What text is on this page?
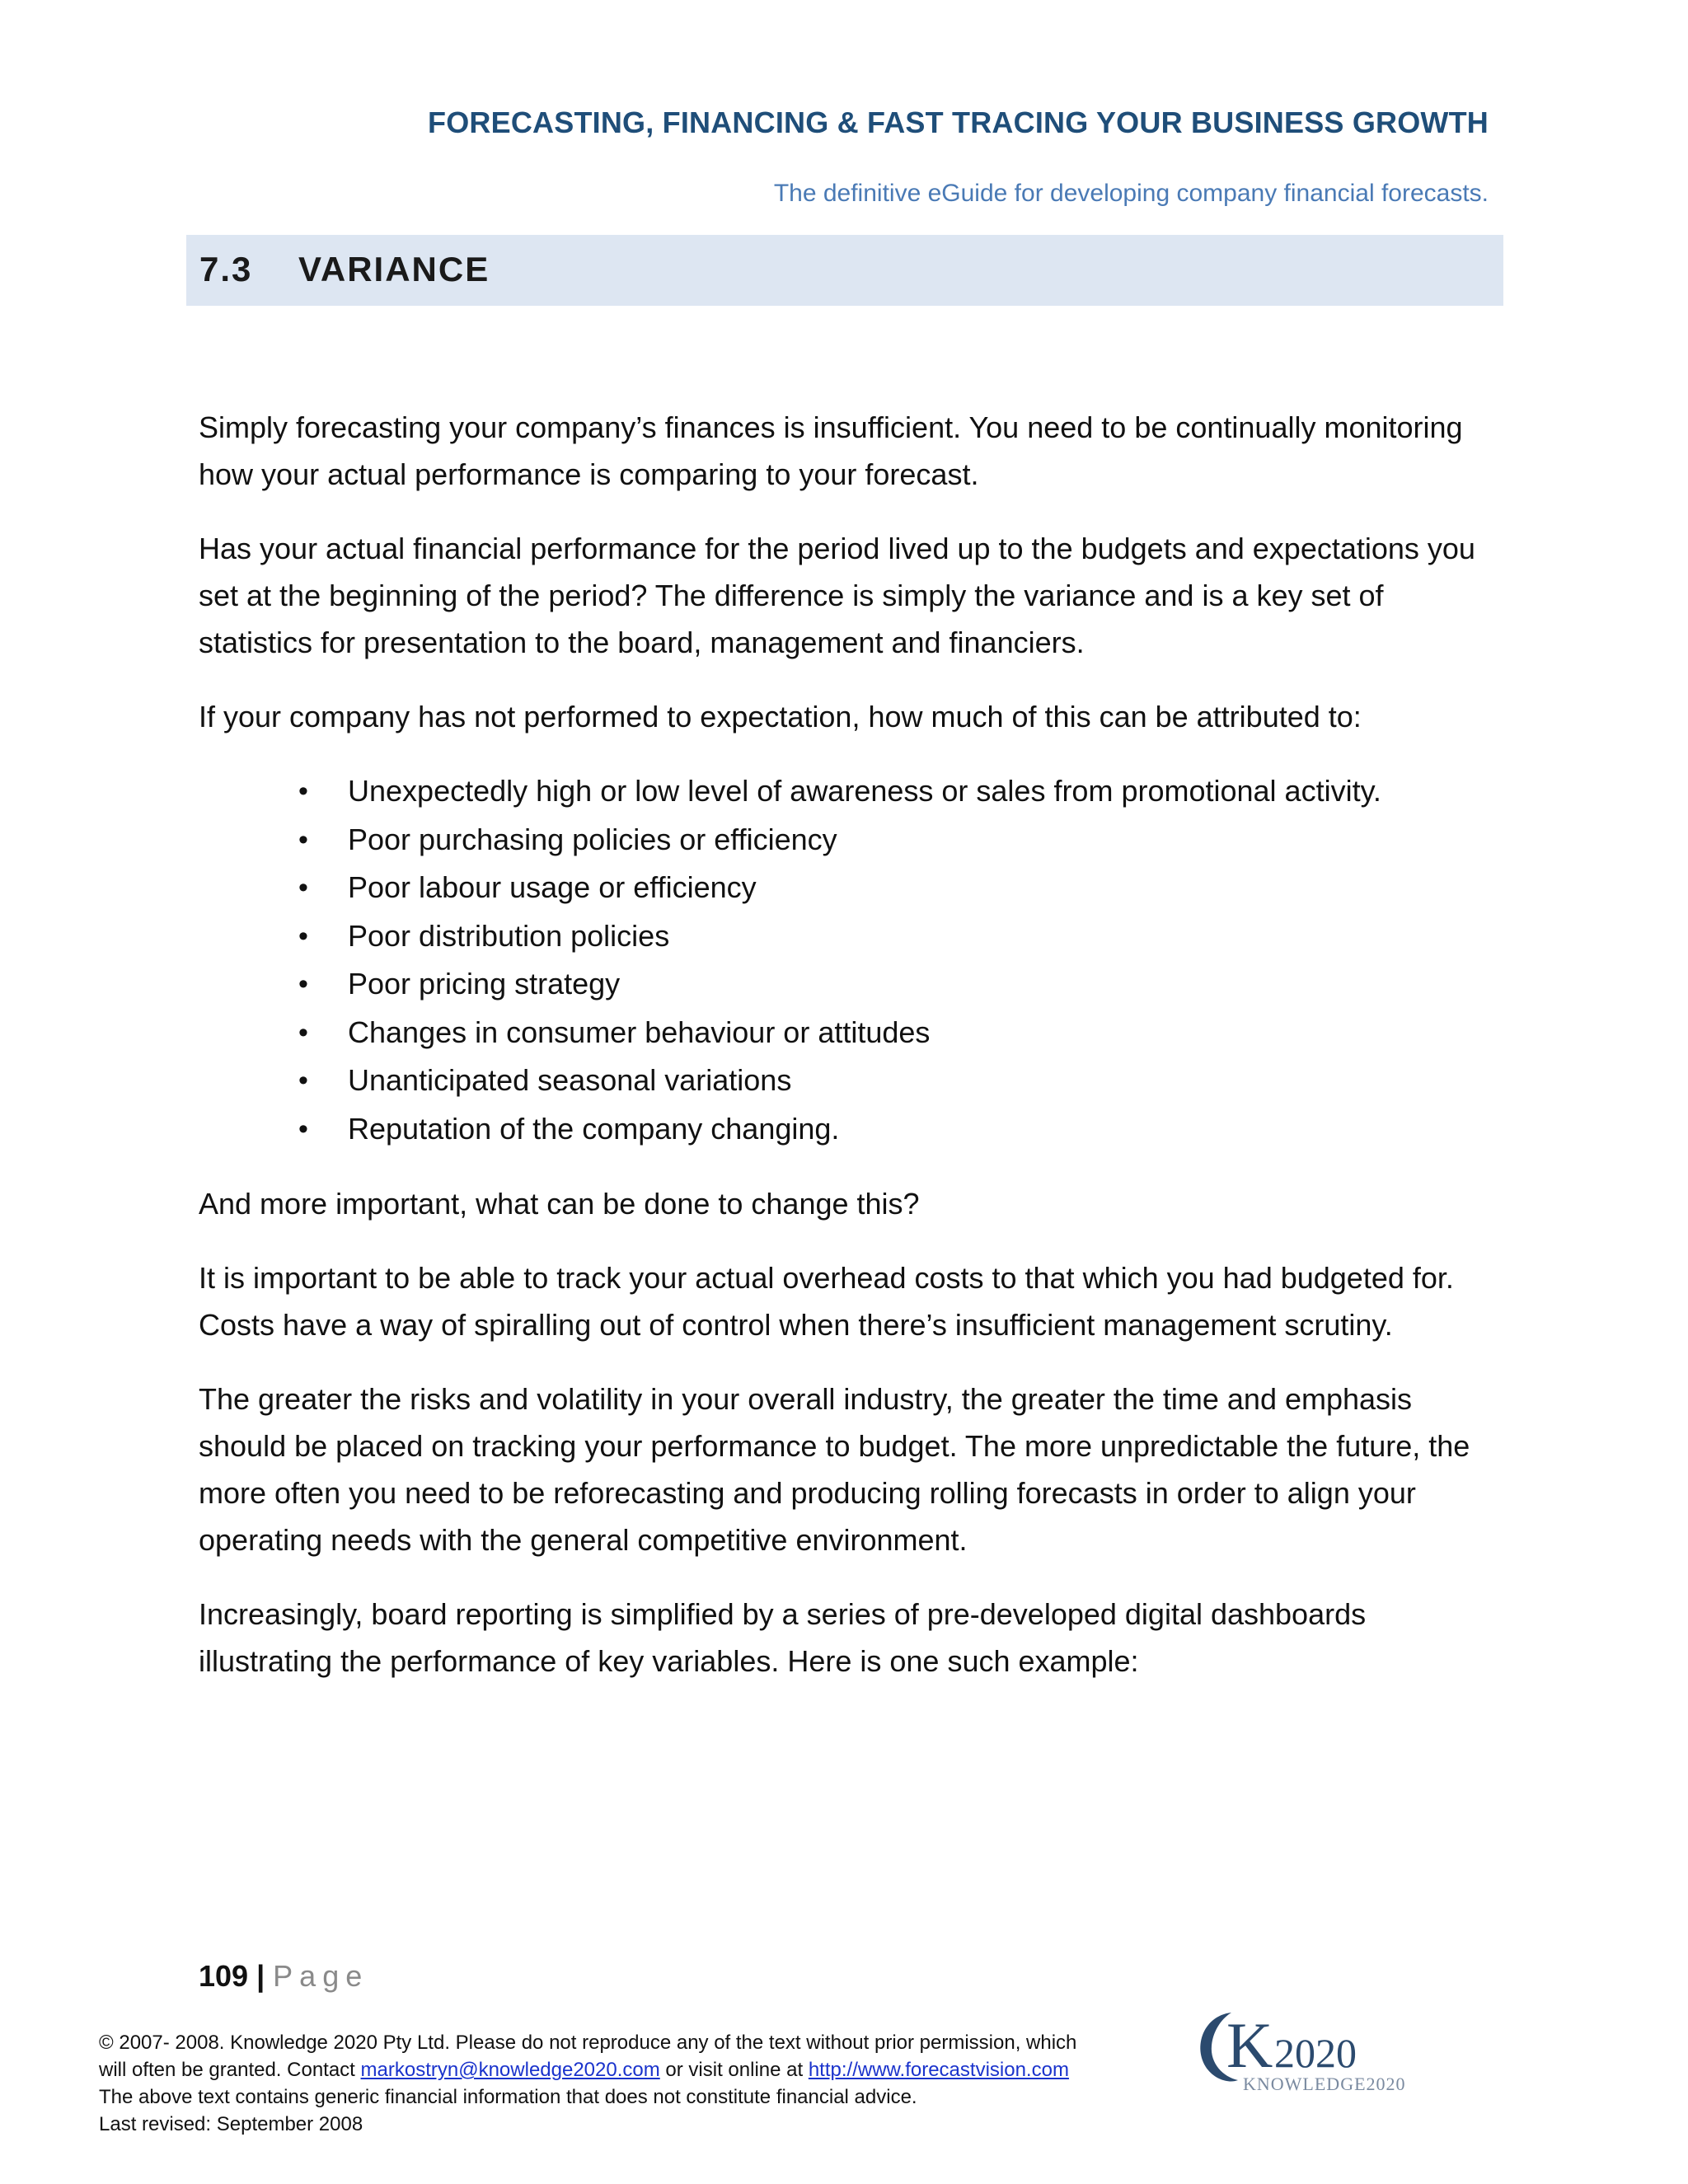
FORECASTING, FINANCING & FAST TRACING YOUR BUSINESS GROWTH
The definitive eGuide for developing company financial forecasts.
7.3 VARIANCE

Simply forecasting your company’s finances is insufficient. You need to be continually monitoring how your actual performance is comparing to your forecast.

Has your actual financial performance for the period lived up to the budgets and expectations you set at the beginning of the period? The difference is simply the variance and is a key set of statistics for presentation to the board, management and financiers.

If your company has not performed to expectation, how much of this can be attributed to:

• Unexpectedly high or low level of awareness or sales from promotional activity.
• Poor purchasing policies or efficiency
• Poor labour usage or efficiency
• Poor distribution policies
• Poor pricing strategy
• Changes in consumer behaviour or attitudes
• Unanticipated seasonal variations
• Reputation of the company changing.

And more important, what can be done to change this?

It is important to be able to track your actual overhead costs to that which you had budgeted for. Costs have a way of spiralling out of control when there’s insufficient management scrutiny.

The greater the risks and volatility in your overall industry, the greater the time and emphasis should be placed on tracking your performance to budget. The more unpredictable the future, the more often you need to be reforecasting and producing rolling forecasts in order to align your operating needs with the general competitive environment.

Increasingly, board reporting is simplified by a series of pre-developed digital dashboards illustrating the performance of key variables. Here is one such example:

109 | Page
© 2007- 2008. Knowledge 2020 Pty Ltd. Please do not reproduce any of the text without prior permission, which
will often be granted. Contact markostryn@knowledge2020.com or visit online at http://www.forecastvision.com
The above text contains generic financial information that does not constitute financial advice.
Last revised: September 2008
K 2020
KNOWLEDGE2020
